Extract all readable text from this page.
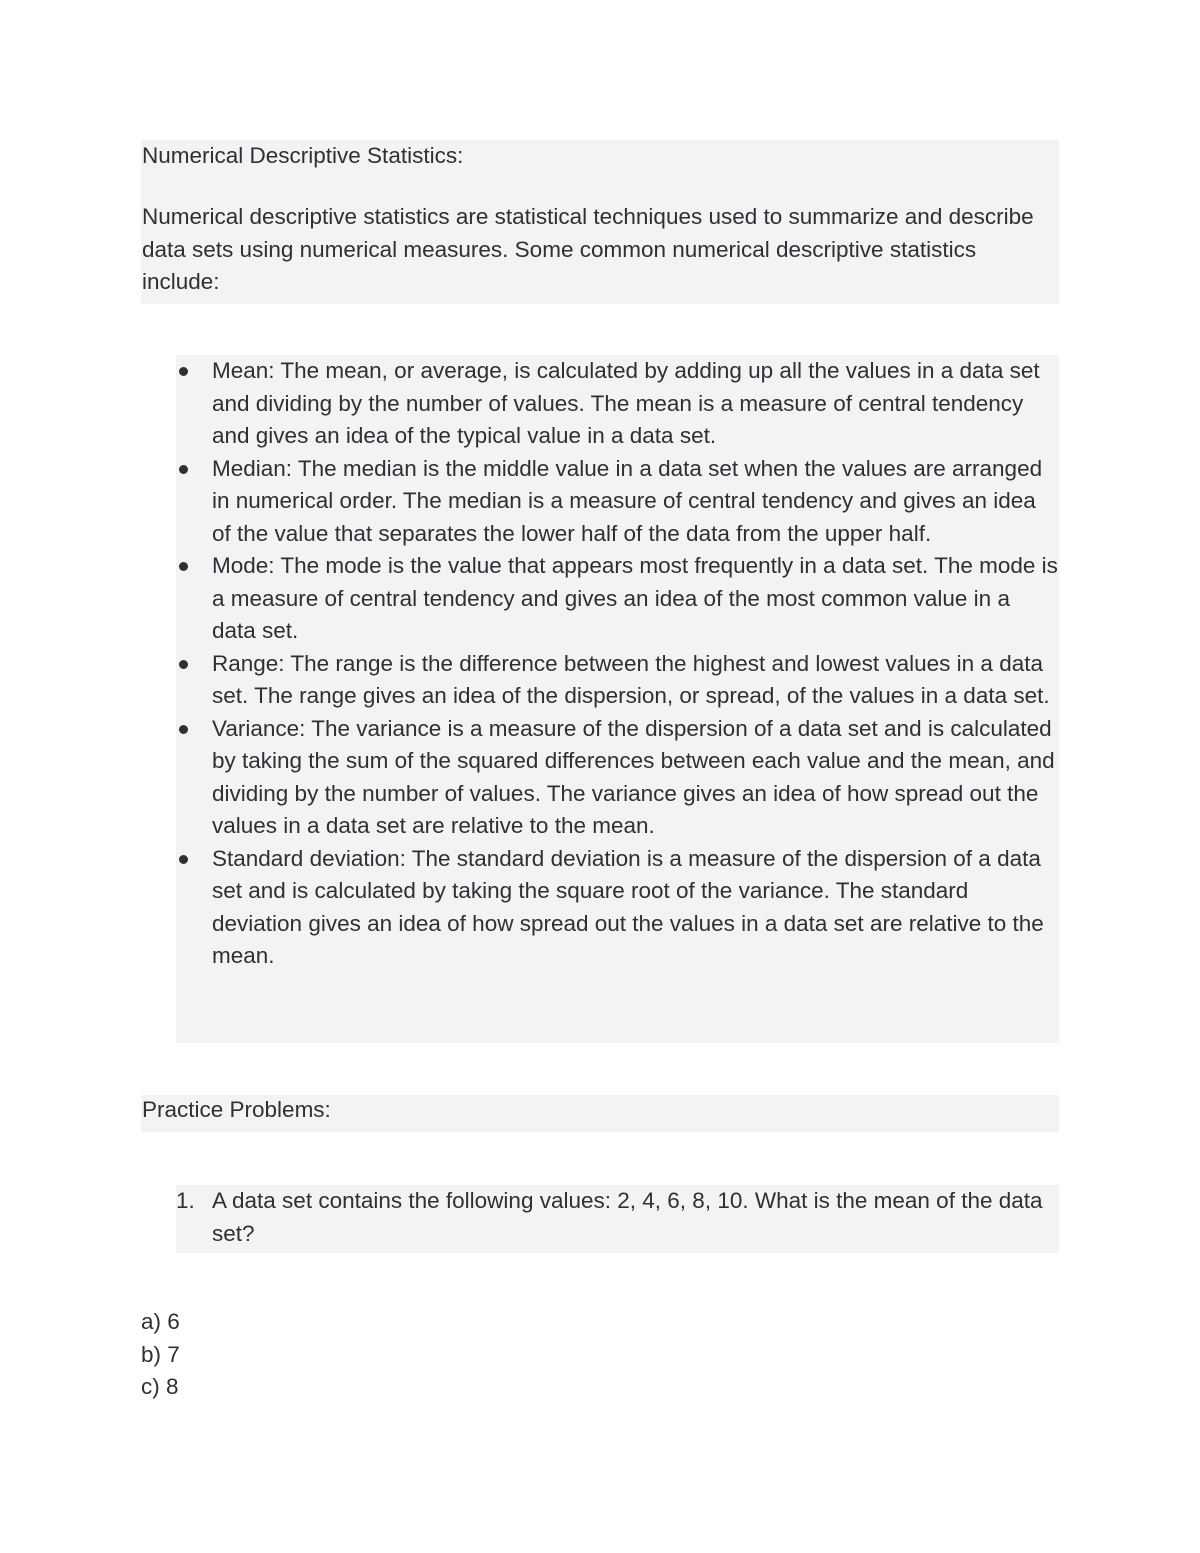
Numerical Descriptive Statistics:

Numerical descriptive statistics are statistical techniques used to summarize and describe data sets using numerical measures. Some common numerical descriptive statistics include:

Mean: The mean, or average, is calculated by adding up all the values in a data set and dividing by the number of values. The mean is a measure of central tendency and gives an idea of the typical value in a data set.
Median: The median is the middle value in a data set when the values are arranged in numerical order. The median is a measure of central tendency and gives an idea of the value that separates the lower half of the data from the upper half.
Mode: The mode is the value that appears most frequently in a data set. The mode is a measure of central tendency and gives an idea of the most common value in a data set.
Range: The range is the difference between the highest and lowest values in a data set. The range gives an idea of the dispersion, or spread, of the values in a data set.
Variance: The variance is a measure of the dispersion of a data set and is calculated by taking the sum of the squared differences between each value and the mean, and dividing by the number of values. The variance gives an idea of how spread out the values in a data set are relative to the mean.
Standard deviation: The standard deviation is a measure of the dispersion of a data set and is calculated by taking the square root of the variance. The standard deviation gives an idea of how spread out the values in a data set are relative to the mean.
Practice Problems:
1. A data set contains the following values: 2, 4, 6, 8, 10. What is the mean of the data set?
a) 6
b) 7
c) 8
